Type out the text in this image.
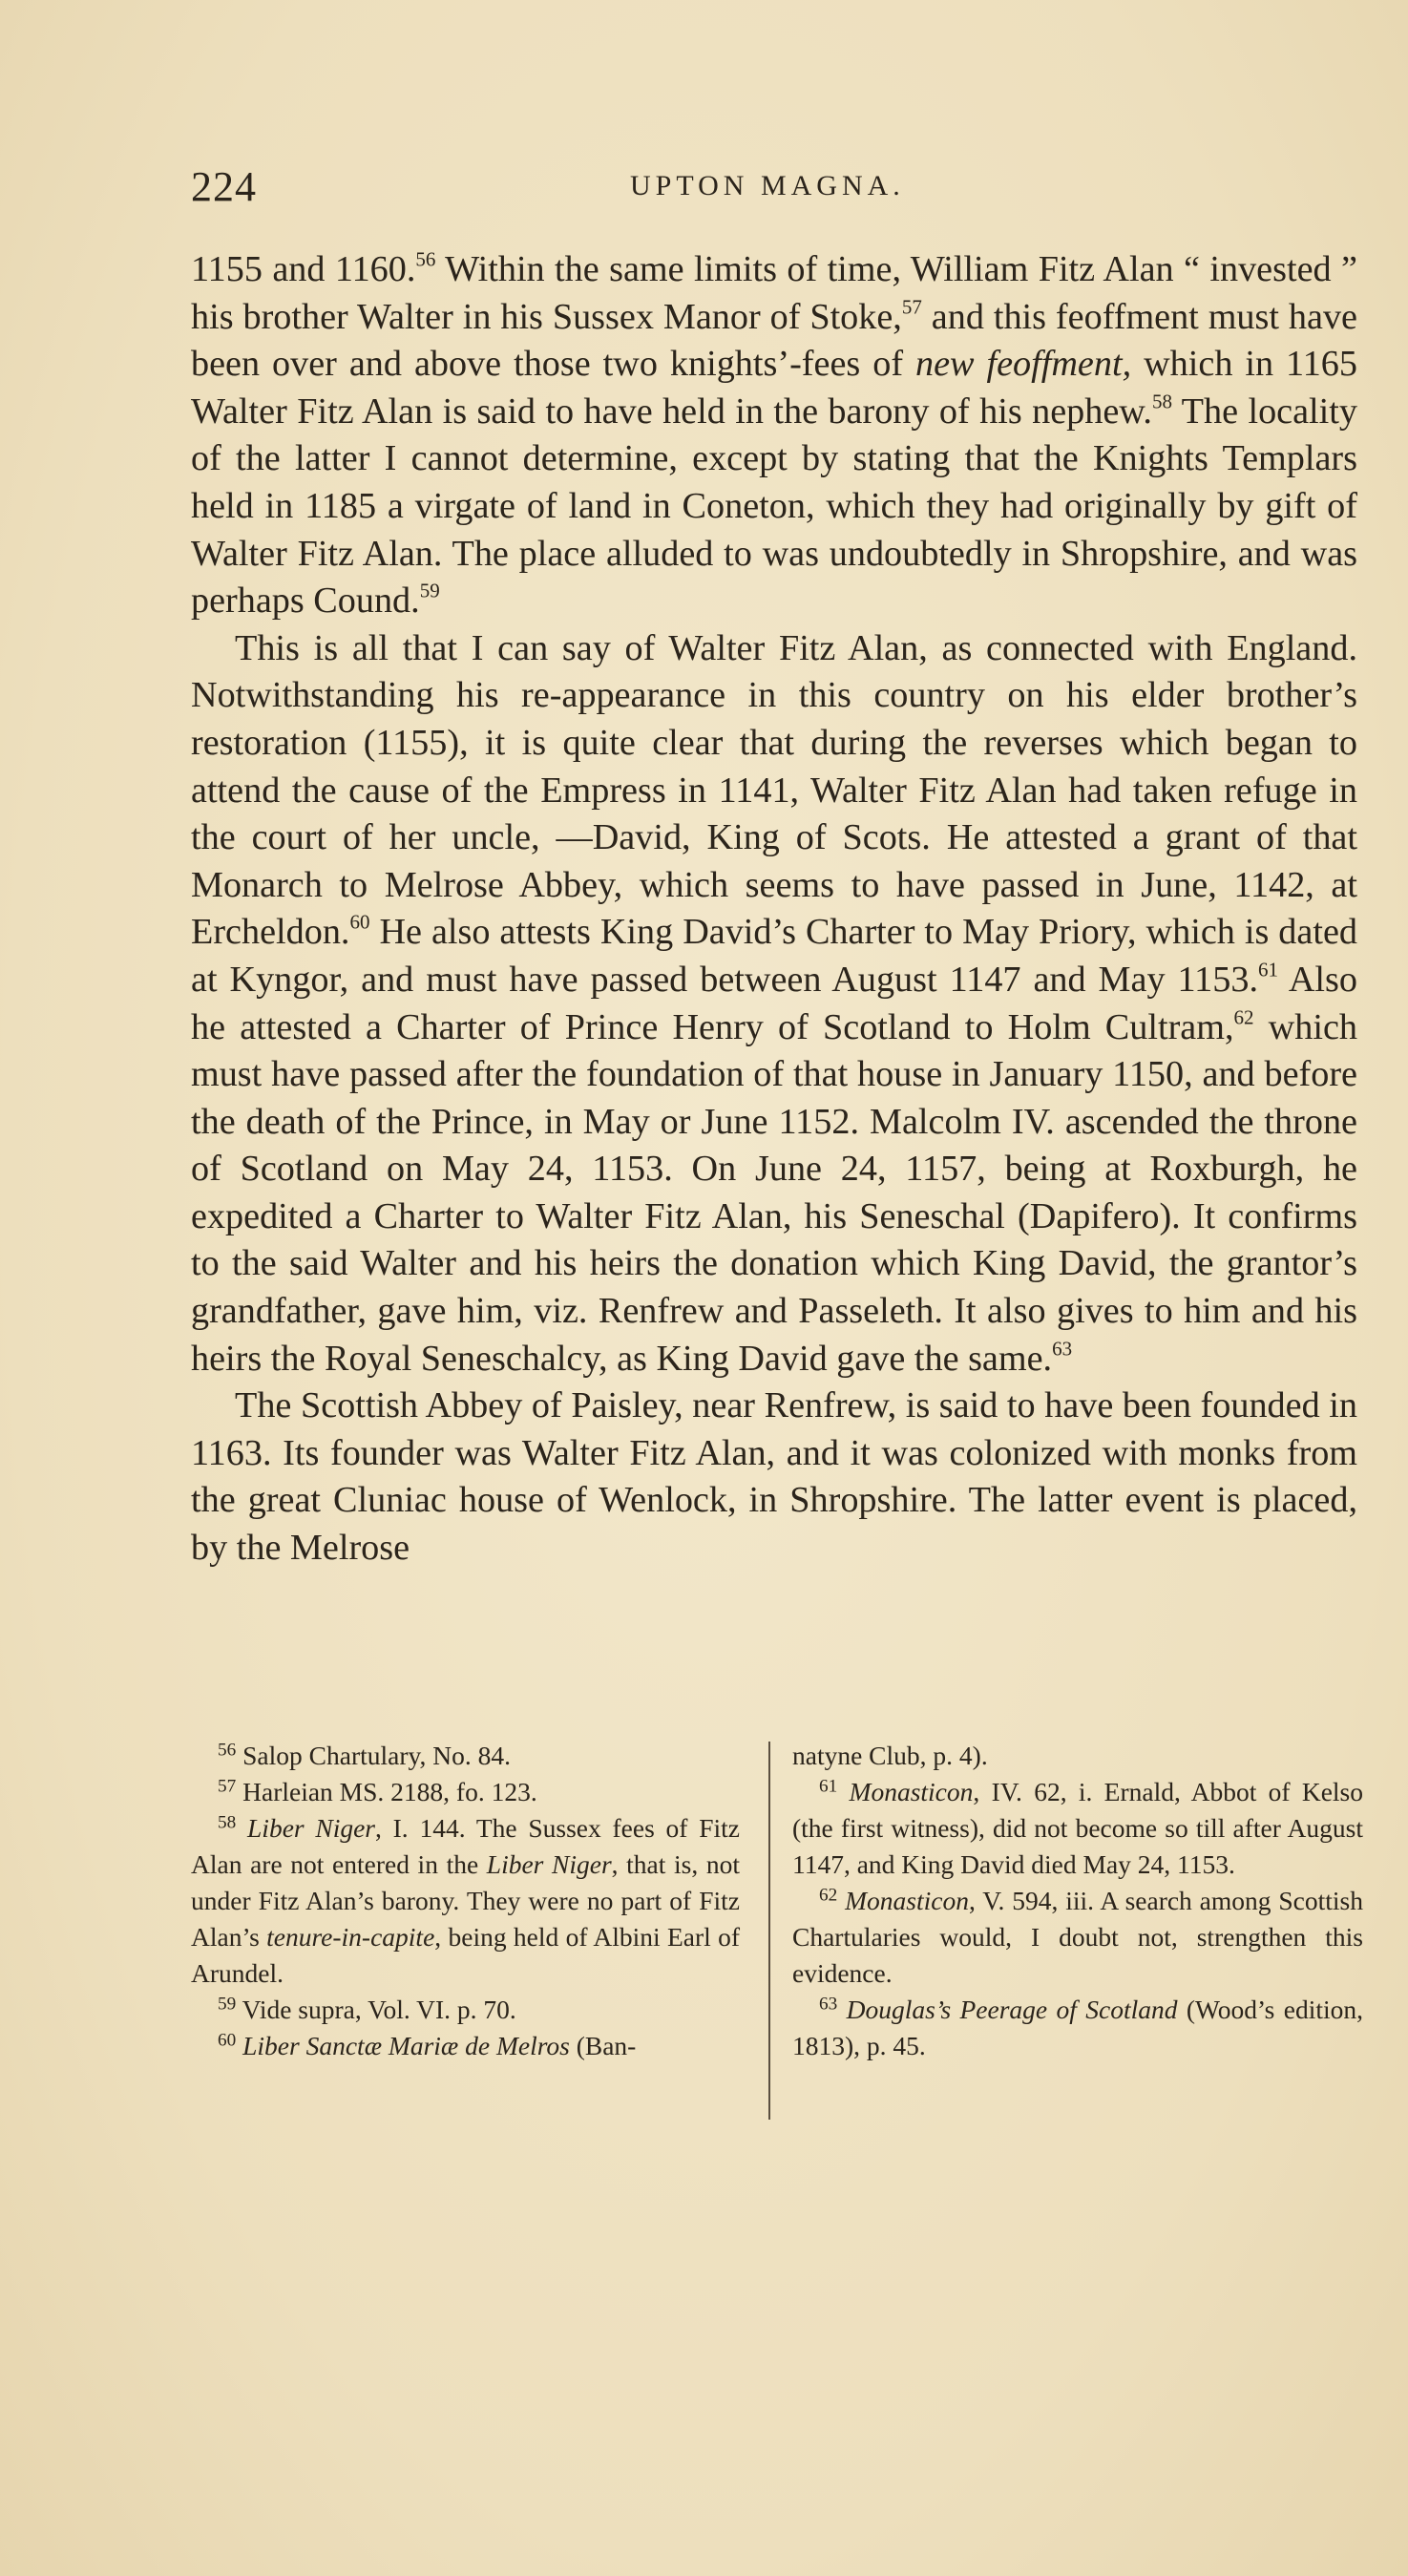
224	UPTON MAGNA.

1155 and 1160.56 Within the same limits of time, William Fitz Alan “ invested ” his brother Walter in his Sussex Manor of Stoke,$^{57}$ and this feoffment must have been over and above those two knights’-fees of new feoffment, which in 1165 Walter Fitz Alan is said to have held in the barony of his nephew.$^{58}$ The locality of the latter I cannot determine, except by stating that the Knights Templars held in 1185 a virgate of land in Coneton, which they had originally by gift of Walter Fitz Alan. The place alluded to was undoubtedly in Shropshire, and was perhaps Cound.$^{59}$

This is all that I can say of Walter Fitz Alan, as connected with England. Notwithstanding his re-appearance in this country on his elder brother’s restoration (1155), it is quite clear that during the reverses which began to attend the cause of the Empress in 1141, Walter Fitz Alan had taken refuge in the court of her uncle, —David, King of Scots. He attested a grant of that Monarch to Melrose Abbey, which seems to have passed in June, 1142, at Ercheldon.$^{60}$ He also attests King David’s Charter to May Priory, which is dated at Kyngor, and must have passed between August 1147 and May 1153.61 Also he attested a Charter of Prince Henry of Scotland to Holm Cultram,$^{62}$ which must have passed after the foundation of that house in January 1150, and before the death of the Prince, in May or June 1152. Malcolm IV. ascended the throne of Scotland on May 24, 1153. On June 24, 1157, being at Roxburgh, he expedited a Charter to Walter Fitz Alan, his Seneschal (Dapifero). It confirms to the said Walter and his heirs the donation which King David, the grantor’s grandfather, gave him, viz. Renfrew and Passeleth. It also gives to him and his heirs the Royal Seneschalcy, as King David gave the same.$^{63}$

The Scottish Abbey of Paisley, near Renfrew, is said to have been founded in 1163. Its founder was Walter Fitz Alan, and it was colonized with monks from the great Cluniac house of Wenlock, in Shropshire. The latter event is placed, by the Melrose

$^{56}$ Salop Chartulary, No. 84.

$^{57}$ Harleian MS. 2188, fo. 123.

$^{58}$ Liber Niger, I. 144. The Sussex fees of Fitz Alan are not entered in the Liber Niger, that is, not under Fitz Alan’s barony. They were no part of Fitz Alan’s tenure-in-capite, being held of Albini Earl of Arundel.

$^{59}$ Vide supra, Vol. VI. p. 70.

$^{60}$ Liber Sanctæ Mariæ de Melros (Ban-

natyne Club, p. 4).

$^{61}$ Monasticon, IV. 62, i. Ernald, Abbot of Kelso (the first witness), did not become so till after August 1147, and King David died May 24, 1153.

$^{62}$ Monasticon, V. 594, iii. A search among Scottish Chartularies would, I doubt not, strengthen this evidence.

$^{63}$ Douglas’s Peerage of Scotland (Wood’s edition, 1813), p. 45.
